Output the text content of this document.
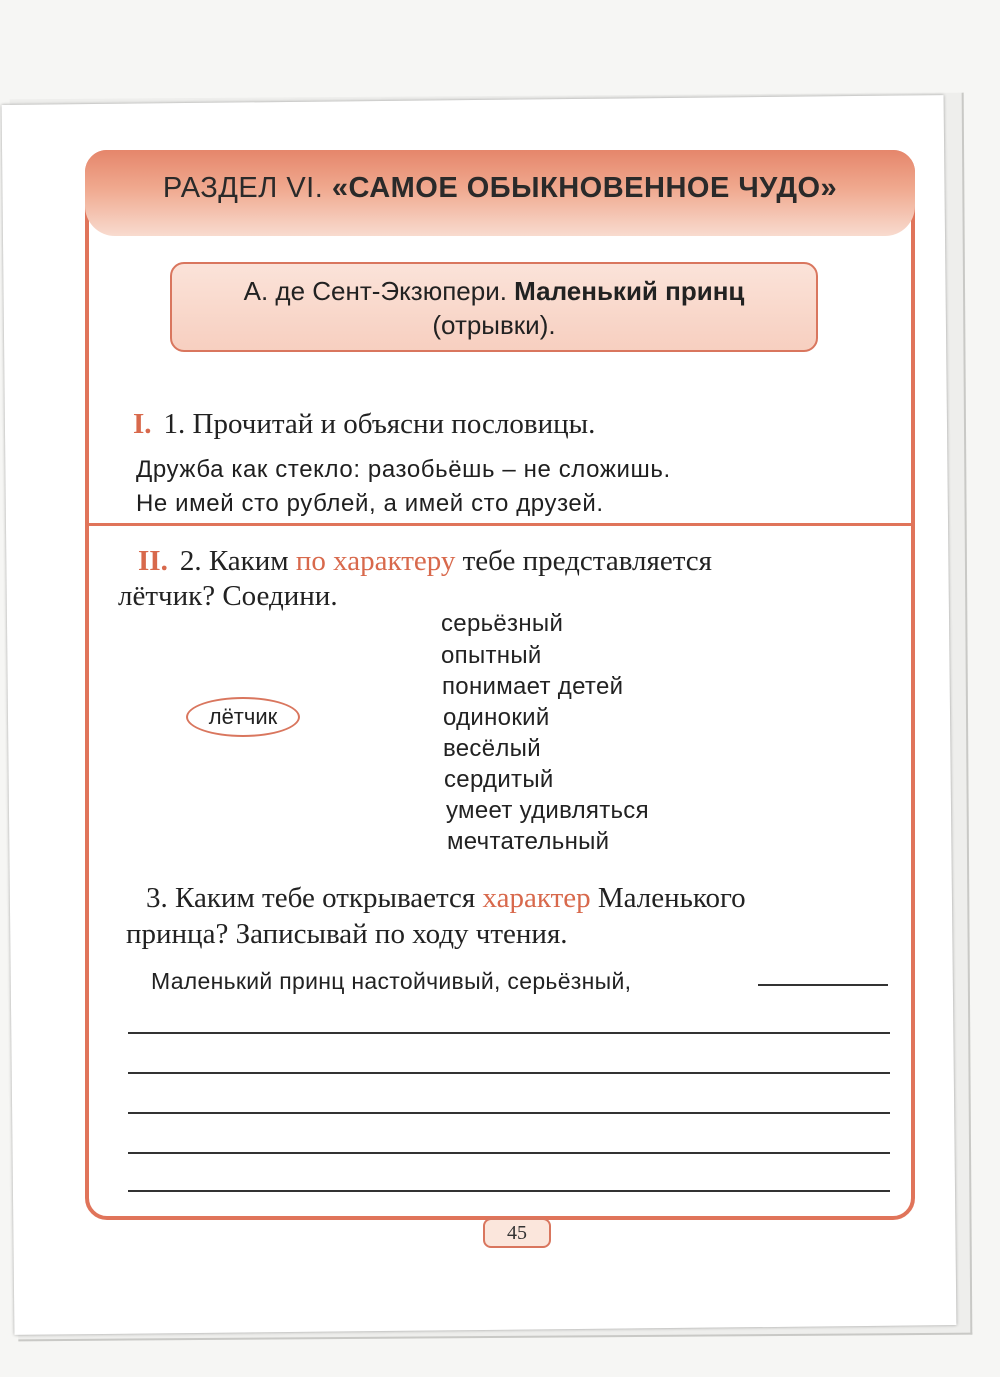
РАЗДЕЛ VI. «САМОЕ ОБЫКНОВЕННОЕ ЧУДО»
А. де Сент-Экзюпери. Маленький принц
(отрывки).
I. 1. Прочитай и объясни пословицы.
Дружба как стекло: разобьёшь – не сложишь.
Не имей сто рублей, а имей сто друзей.
II. 2. Каким по характеру тебе представляется
лётчик? Соедини.
серьёзный
опытный
понимает детей
одинокий
весёлый
сердитый
умеет удивляться
мечтательный
лётчик
3. Каким тебе открывается характер Маленького
принца? Записывай по ходу чтения.
Маленький принц настойчивый, серьёзный,
45
